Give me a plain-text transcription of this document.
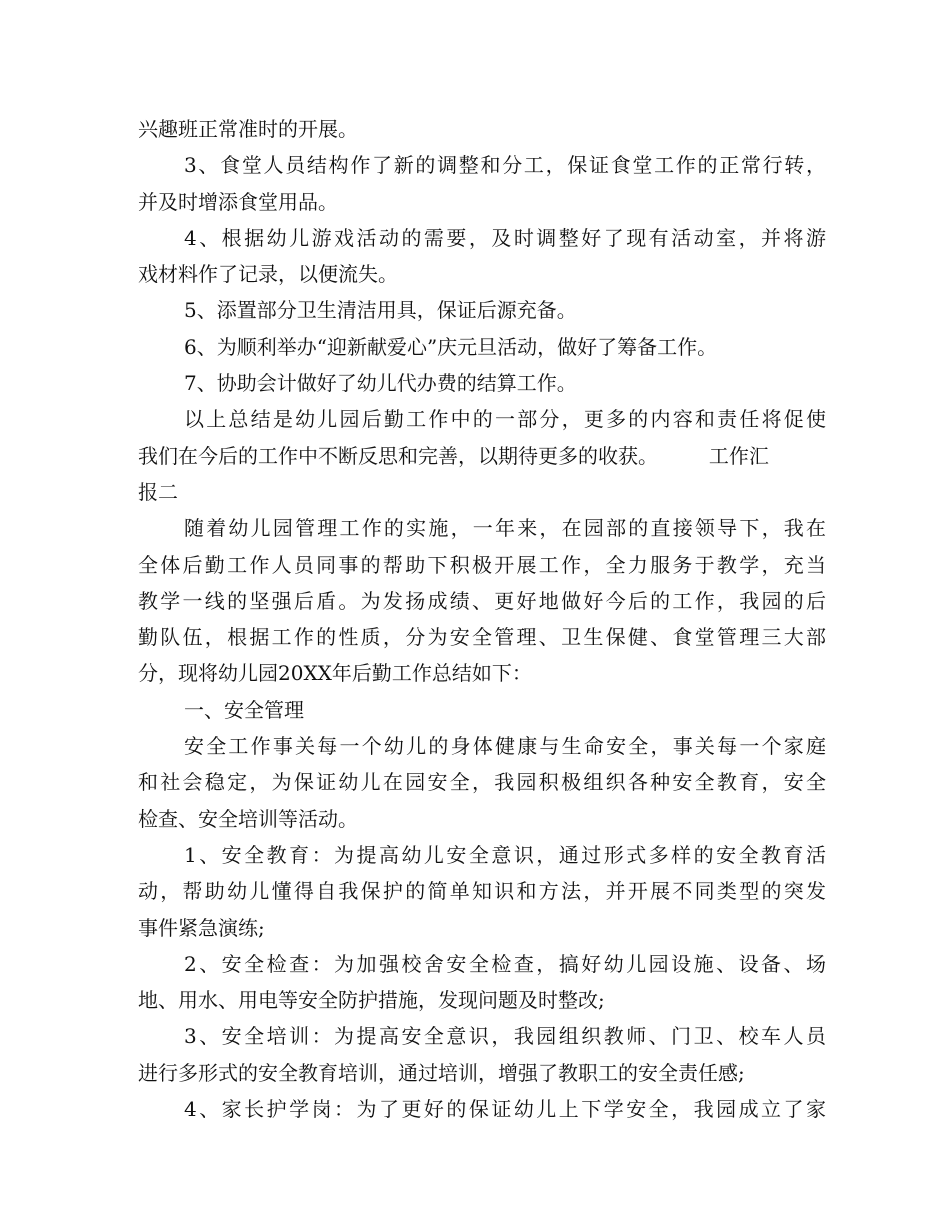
兴趣班正常准时的开展。
3、食堂人员结构作了新的调整和分工，保证食堂工作的正常行转，
并及时增添食堂用品。
4、根据幼儿游戏活动的需要，及时调整好了现有活动室，并将游
戏材料作了记录，以便流失。
5、添置部分卫生清洁用具，保证后源充备。
6、为顺利举办“迎新献爱心”庆元旦活动，做好了筹备工作。
7、协助会计做好了幼儿代办费的结算工作。
以上总结是幼儿园后勤工作中的一部分，更多的内容和责任将促使
我们在今后的工作中不断反思和完善，以期待更多的收获。        工作汇
报二
随着幼儿园管理工作的实施，一年来，在园部的直接领导下，我在
全体后勤工作人员同事的帮助下积极开展工作，全力服务于教学，充当
教学一线的坚强后盾。为发扬成绩、更好地做好今后的工作，我园的后
勤队伍，根据工作的性质，分为安全管理、卫生保健、食堂管理三大部
分，现将幼儿园20XX年后勤工作总结如下：
一、安全管理
安全工作事关每一个幼儿的身体健康与生命安全，事关每一个家庭
和社会稳定，为保证幼儿在园安全，我园积极组织各种安全教育，安全
检查、安全培训等活动。
1、安全教育：为提高幼儿安全意识，通过形式多样的安全教育活
动，帮助幼儿懂得自我保护的简单知识和方法，并开展不同类型的突发
事件紧急演练;
2、安全检查：为加强校舍安全检查，搞好幼儿园设施、设备、场
地、用水、用电等安全防护措施，发现问题及时整改;
3、安全培训：为提高安全意识，我园组织教师、门卫、校车人员
进行多形式的安全教育培训，通过培训，增强了教职工的安全责任感;
4、家长护学岗：为了更好的保证幼儿上下学安全，我园成立了家
